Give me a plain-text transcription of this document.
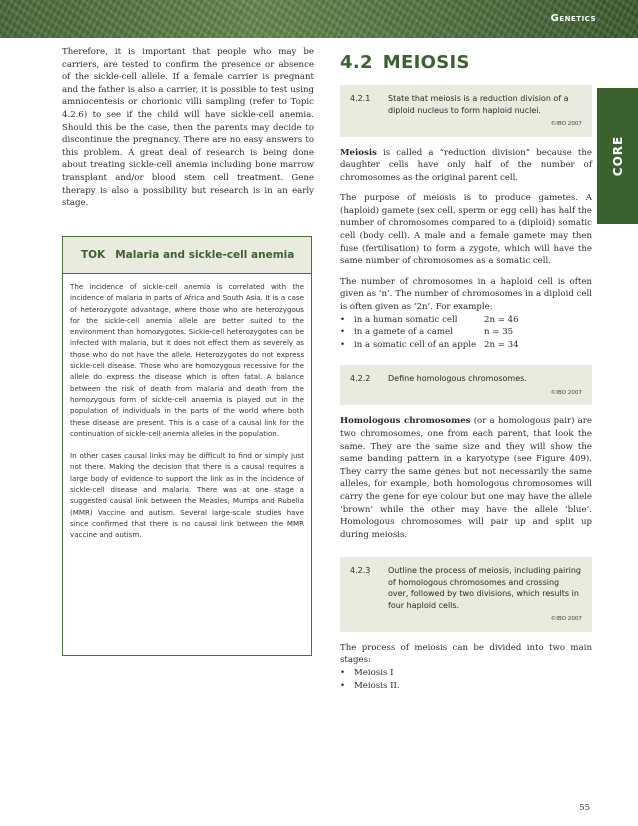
Genetics
CORE

Therefore, it is important that people who may be carriers, are tested to confirm the presence or absence of the sickle-cell allele. If a female carrier is pregnant and the father is also a carrier, it is possible to test using amniocentesis or chorionic villi sampling (refer to Topic 4.2.6) to see if the child will have sickle-cell anemia. Should this be the case, then the parents may decide to discontinue the pregnancy. There are no easy answers to this problem. A great deal of research is being done about treating sickle-cell anemia including bone marrow transplant and/or blood stem cell treatment. Gene therapy is also a possibility but research is in an early stage.

TOK Malaria and sickle-cell anemia

The incidence of sickle-cell anemia is correlated with the incidence of malaria in parts of Africa and South Asia. It is a case of heterozygote advantage, where those who are heterozygous for the sickle-cell anemia allele are better suited to the environment than homozygotes. Sickle-cell heterozygotes can be infected with malaria, but it does not effect them as severely as those who do not have the allele. Heterozygotes do not express sickle-cell disease. Those who are homozygous recessive for the allele do express the disease which is often fatal. A balance between the risk of death from malaria and death from the homozygous form of sickle-cell anaemia is played out in the population of individuals in the parts of the world where both these disease are present. This is a case of a causal link for the continuation of sickle-cell anemia alleles in the population.

In other cases causal links may be difficult to find or simply just not there. Making the decision that there is a causal requires a large body of evidence to support the link as in the incidence of sickle-cell disease and malaria. There was at one stage a suggested causal link between the Measles, Mumps and Rubella (MMR) Vaccine and autism. Several large-scale studies have since confirmed that there is no causal link between the MMR vaccine and autism.

4.2 MEIOSIS
4.2.1	State that meiosis is a reduction division of a diploid nucleus to form haploid nuclei.
©IBO 2007

Meiosis is called a “reduction division” because the daughter cells have only half of the number of chromosomes as the original parent cell.

The purpose of meiosis is to produce gametes. A (haploid) gamete (sex cell, sperm or egg cell) has half the number of chromosomes compared to a (diploid) somatic cell (body cell). A male and a female gamete may then fuse (fertilisation) to form a zygote, which will have the same number of chromosomes as a somatic cell.

The number of chromosomes in a haploid cell is often given as ‘n’. The number of chromosomes in a diploid cell is often given as ‘2n’. For example:

• in a human somatic cell	2n = 46
• in a gamete of a camel	n = 35
• in a somatic cell of an apple 2n = 34
4.2.2	Define homologous chromosomes.
©IBO 2007

Homologous chromosomes (or a homologous pair) are two chromosomes, one from each parent, that look the same. They are the same size and they will show the same banding pattern in a karyotype (see Figure 409). They carry the same genes but not necessarily the same alleles, for example, both homologous chromosomes will carry the gene for eye colour but one may have the allele ‘brown’ while the other may have the allele ‘blue’. Homologous chromosomes will pair up and split up during meiosis.

4.2.3	Outline the process of meiosis, including pairing of homologous chromosomes and crossing over, followed by two divisions, which results in four haploid cells.
©IBO 2007

The process of meiosis can be divided into two main stages:

• Meiosis I
• Meiosis II.
55
